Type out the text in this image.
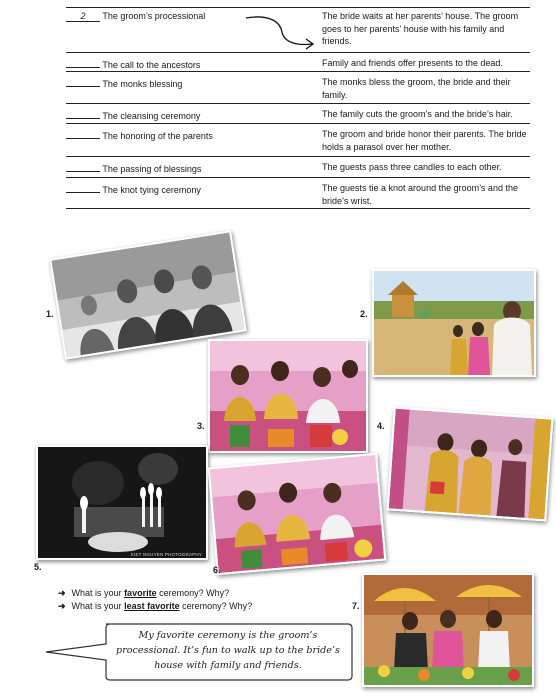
2 The groom’s processional	The bride waits at her parents’ house. The groom goes to her parents’ house with his family and friends.
The call to the ancestors	Family and friends offer presents to the dead.
The monks blessing	The monks bless the groom, the bride and their family.
The cleansing ceremony	The family cuts the groom’s and the bride’s hair.
The honoring of the parents	The groom and bride honor their parents. The bride holds a parasol over her mother.
The passing of blessings	The guests pass three candles to each other.
The knot tying ceremony	The guests tie a knot around the groom’s and the bride’s wrist.
1.	2.
3.	4.
KIET NGUYEN PHOTOGRAPHY
5.	6.
7.
➜ What is your favorite ceremony? Why?
➜ What is your least favorite ceremony? Why?
My favorite ceremony is the groom’s processional. It’s fun to walk up to the bride’s house with family and friends.
